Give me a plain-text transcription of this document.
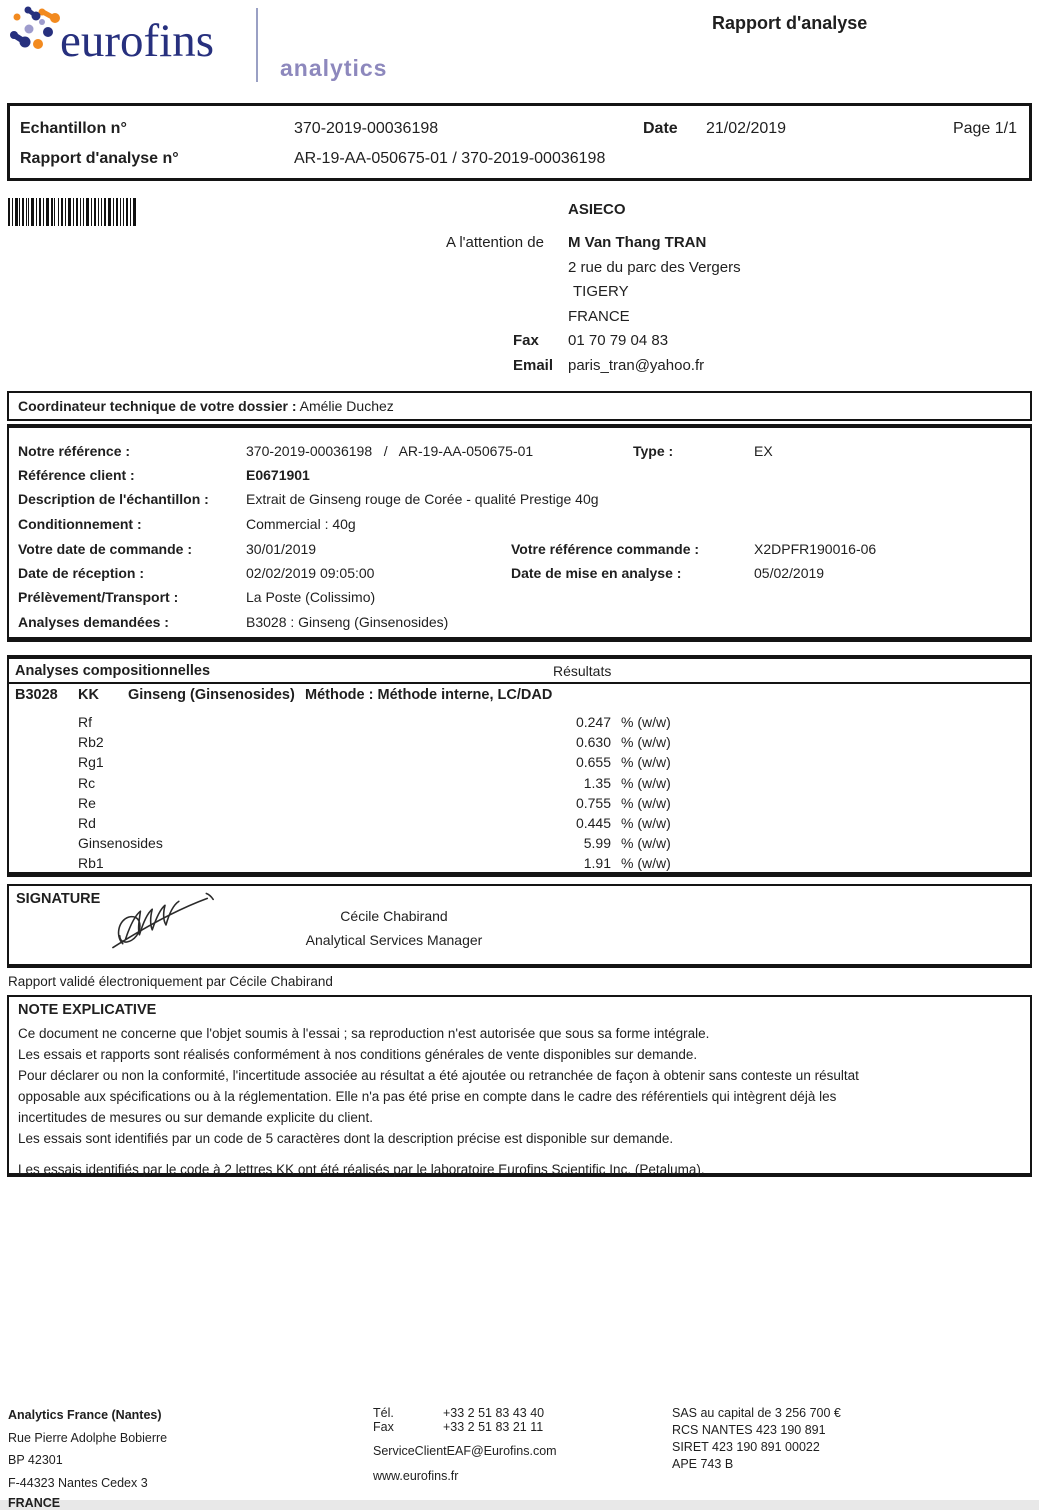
eurofins
analytics
Rapport d'analyse
Echantillon n°	370-2019-00036198	Date 21/02/2019	Page 1/1
Rapport d'analyse n°	AR-19-AA-050675-01 / 370-2019-00036198
ASIECO
A l'attention de	M Van Thang TRAN
2 rue du parc des Vergers
TIGERY
FRANCE
Fax	01 70 79 04 83
Email paris_tran@yahoo.fr
Coordinateur technique de votre dossier : Amélie Duchez
Notre référence :	370-2019-00036198   /   AR-19-AA-050675-01	Type :	EX
Référence client :	E0671901
Description de l'échantillon :	Extrait de Ginseng rouge de Corée - qualité Prestige 40g
Conditionnement :	Commercial : 40g
Votre date de commande :	30/01/2019	Votre référence commande :	X2DPFR190016-06
Date de réception :	02/02/2019 09:05:00	Date de mise en analyse :	05/02/2019
Prélèvement/Transport :	La Poste (Colissimo)
Analyses demandées :	B3028 : Ginseng (Ginsenosides)
Analyses compositionnelles	Résultats
B3028 KK Ginseng (Ginsenosides) Méthode : Méthode interne, LC/DAD
Rf	0.247 % (w/w)
Rb2	0.630 % (w/w)
Rg1	0.655 % (w/w)
Rc	1.35 % (w/w)
Re	0.755 % (w/w)
Rd	0.445 % (w/w)
Ginsenosides	5.99 % (w/w)
Rb1	1.91 % (w/w)
SIGNATURE
Cécile Chabirand
Analytical Services Manager
Rapport validé électroniquement par Cécile Chabirand
NOTE EXPLICATIVE
Ce document ne concerne que l'objet soumis à l'essai ; sa reproduction n'est autorisée que sous sa forme intégrale.
Les essais et rapports sont réalisés conformément à nos conditions générales de vente disponibles sur demande.
Pour déclarer ou non la conformité, l'incertitude associée au résultat a été ajoutée ou retranchée de façon à obtenir sans conteste un résultat
opposable aux spécifications ou à la réglementation. Elle n'a pas été prise en compte dans le cadre des référentiels qui intègrent déjà les
incertitudes de mesures ou sur demande explicite du client.
Les essais sont identifiés par un code de 5 caractères dont la description précise est disponible sur demande.
Les essais identifiés par le code à 2 lettres KK ont été réalisés par le laboratoire Eurofins Scientific Inc. (Petaluma).
Analytics France (Nantes)
Rue Pierre Adolphe Bobierre
BP 42301
F-44323 Nantes Cedex 3
FRANCE
Tél.	+33 2 51 83 43 40
Fax	+33 2 51 83 21 11
ServiceClientEAF@Eurofins.com
www.eurofins.fr
SAS au capital de 3 256 700 €
RCS NANTES 423 190 891
SIRET 423 190 891 00022
APE 743 B
